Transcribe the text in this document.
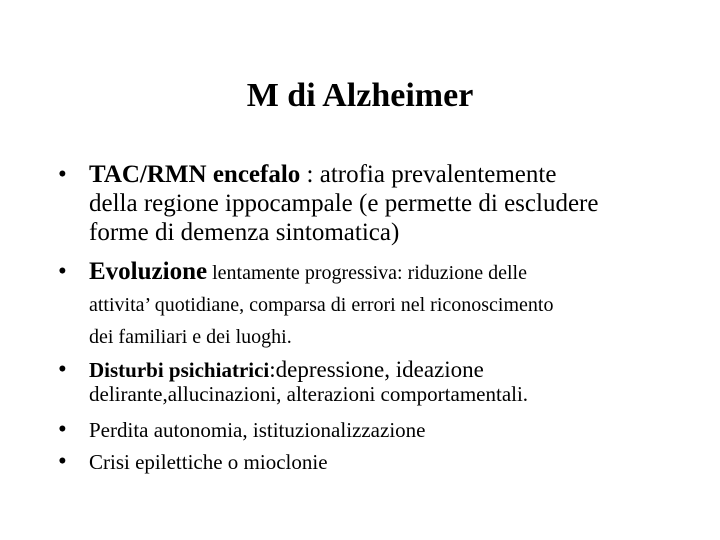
M di Alzheimer
• TAC/RMN encefalo : atrofia prevalentemente
della regione ippocampale (e permette di escludere
forme di demenza sintomatica)
• Evoluzione lentamente progressiva: riduzione delle
attivita’ quotidiane, comparsa di errori nel riconoscimento
dei familiari e dei luoghi.
• Disturbi psichiatrici:depressione, ideazione
delirante,allucinazioni, alterazioni comportamentali.
• Perdita autonomia, istituzionalizzazione
• Crisi epilettiche o mioclonie
